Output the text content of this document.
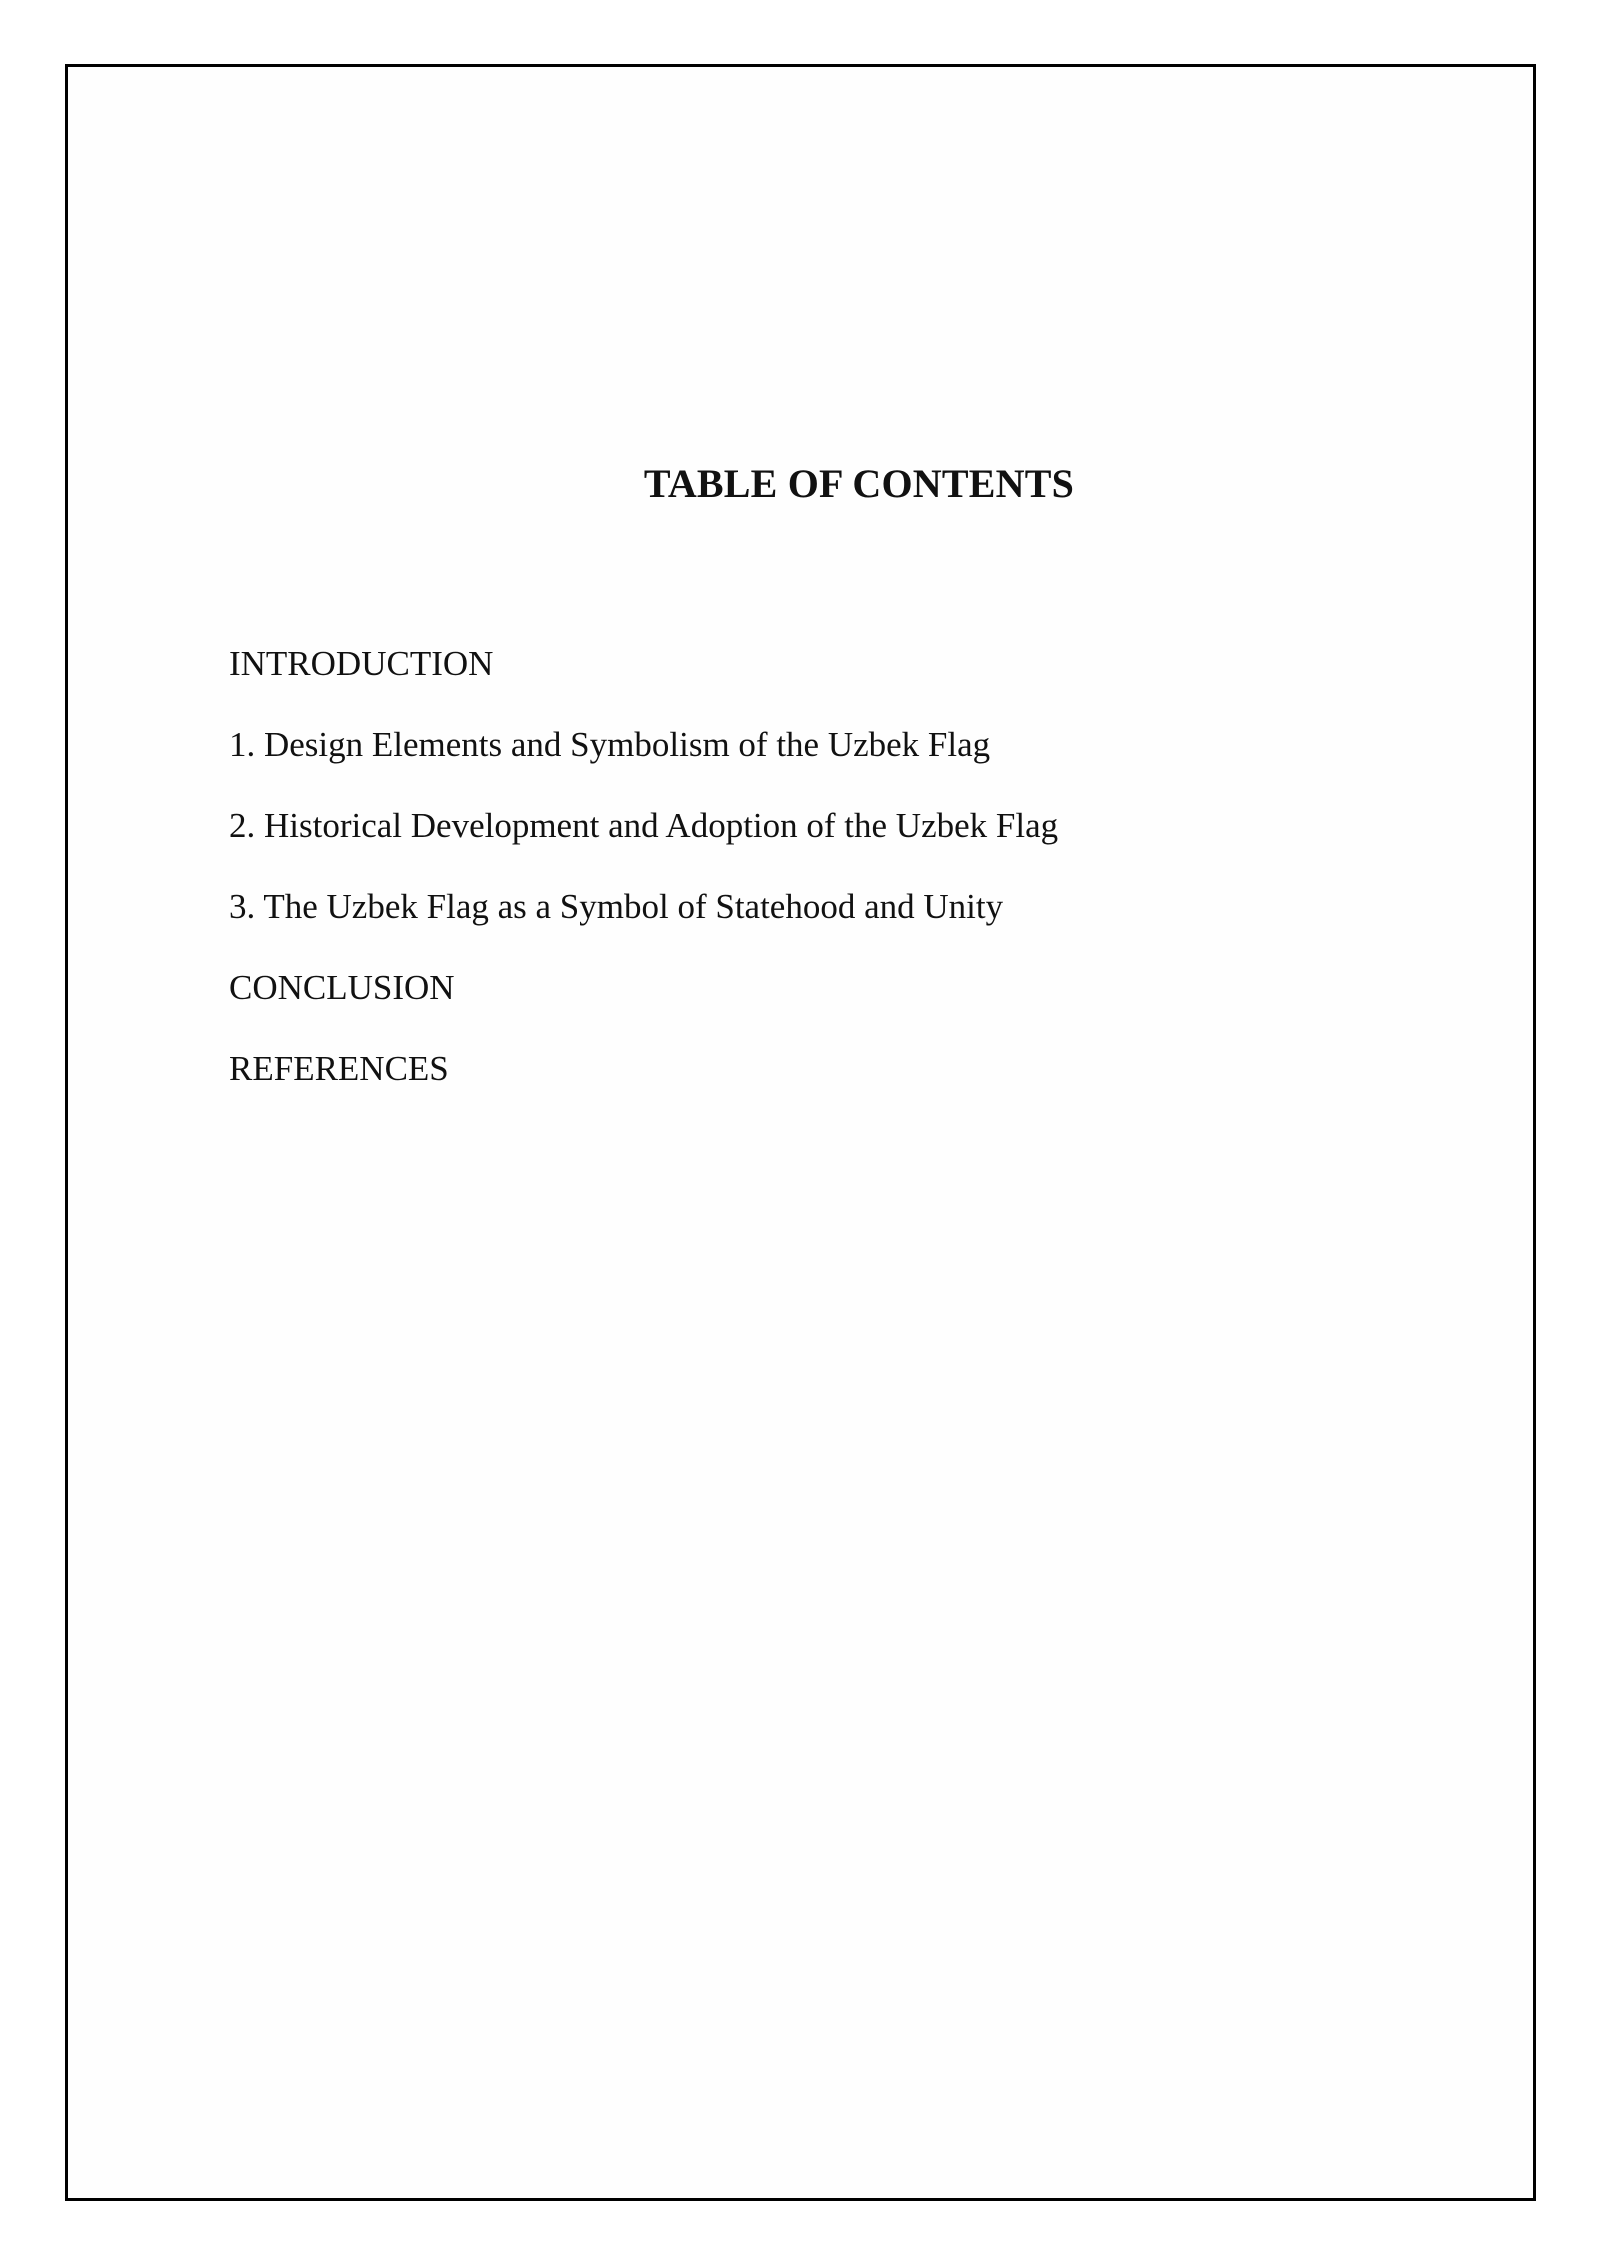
TABLE OF CONTENTS
INTRODUCTION
1. Design Elements and Symbolism of the Uzbek Flag
2. Historical Development and Adoption of the Uzbek Flag
3. The Uzbek Flag as a Symbol of Statehood and Unity
CONCLUSION
REFERENCES
